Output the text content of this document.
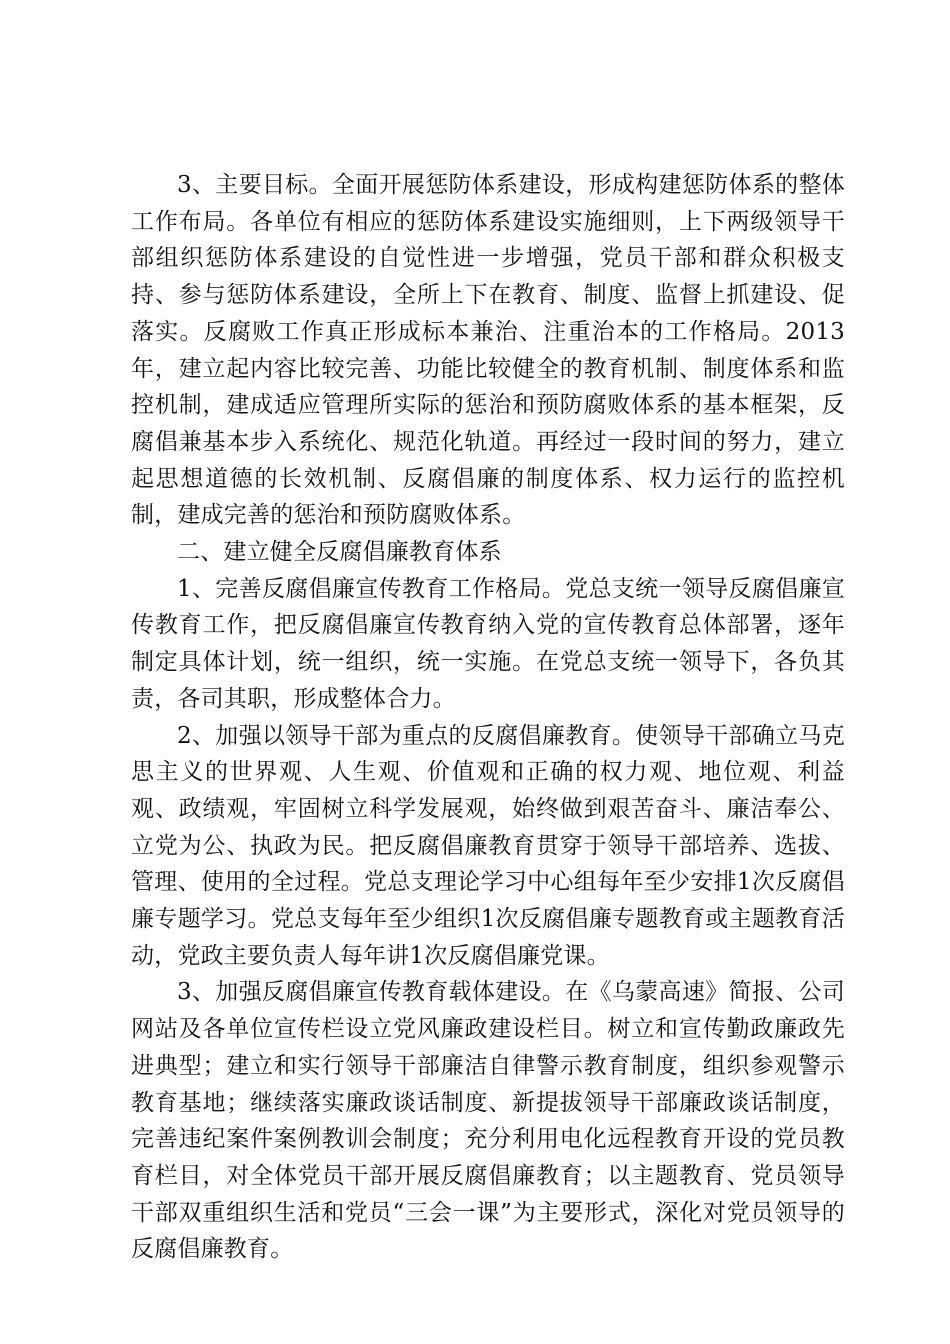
3、主要目标。全面开展惩防体系建设，形成构建惩防体系的整体工作布局。各单位有相应的惩防体系建设实施细则，上下两级领导干部组织惩防体系建设的自觉性进一步增强，党员干部和群众积极支持、参与惩防体系建设，全所上下在教育、制度、监督上抓建设、促落实。反腐败工作真正形成标本兼治、注重治本的工作格局。2013年，建立起内容比较完善、功能比较健全的教育机制、制度体系和监控机制，建成适应管理所实际的惩治和预防腐败体系的基本框架，反腐倡兼基本步入系统化、规范化轨道。再经过一段时间的努力，建立起思想道德的长效机制、反腐倡廉的制度体系、权力运行的监控机制，建成完善的惩治和预防腐败体系。

二、建立健全反腐倡廉教育体系

1、完善反腐倡廉宣传教育工作格局。党总支统一领导反腐倡廉宣传教育工作，把反腐倡廉宣传教育纳入党的宣传教育总体部署，逐年制定具体计划，统一组织，统一实施。在党总支统一领导下，各负其责，各司其职，形成整体合力。

2、加强以领导干部为重点的反腐倡廉教育。使领导干部确立马克思主义的世界观、人生观、价值观和正确的权力观、地位观、利益观、政绩观，牢固树立科学发展观，始终做到艰苦奋斗、廉洁奉公、立党为公、执政为民。把反腐倡廉教育贯穿于领导干部培养、选拔、管理、使用的全过程。党总支理论学习中心组每年至少安排1次反腐倡廉专题学习。党总支每年至少组织1次反腐倡廉专题教育或主题教育活动，党政主要负责人每年讲1次反腐倡廉党课。

3、加强反腐倡廉宣传教育载体建设。在《乌蒙高速》简报、公司网站及各单位宣传栏设立党风廉政建设栏目。树立和宣传勤政廉政先进典型；建立和实行领导干部廉洁自律警示教育制度，组织参观警示教育基地；继续落实廉政谈话制度、新提拔领导干部廉政谈话制度，完善违纪案件案例教训会制度；充分利用电化远程教育开设的党员教育栏目，对全体党员干部开展反腐倡廉教育；以主题教育、党员领导干部双重组织生活和党员“三会一课”为主要形式，深化对党员领导的反腐倡廉教育。
